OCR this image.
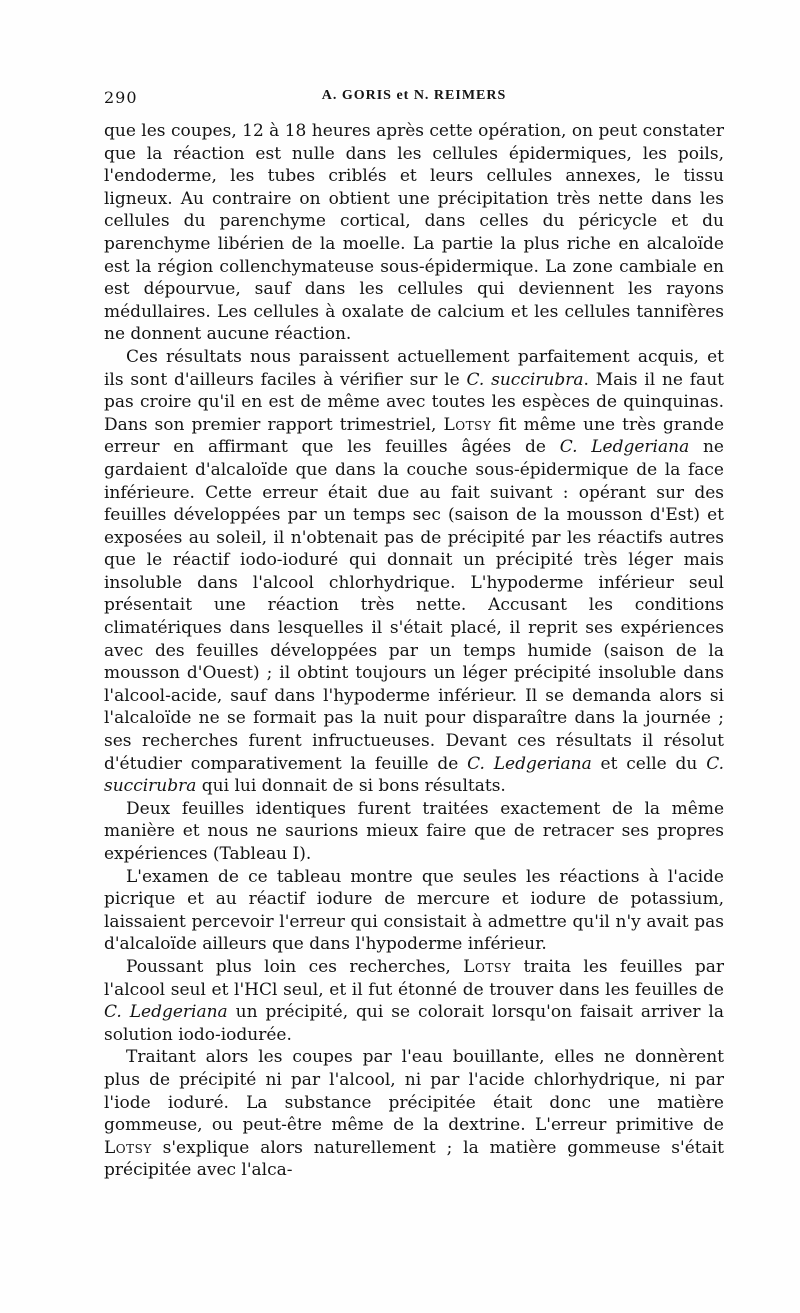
290	A. GORIS et N. REIMERS

que les coupes, 12 à 18 heures après cette opération, on peut constater que la réaction est nulle dans les cellules épidermiques, les poils, l'endoderme, les tubes criblés et leurs cellules annexes, le tissu ligneux. Au contraire on obtient une précipitation très nette dans les cellules du parenchyme cortical, dans celles du péricycle et du parenchyme libérien de la moelle. La partie la plus riche en alcaloïde est la région collenchymateuse sous-épidermique. La zone cambiale en est dépourvue, sauf dans les cellules qui deviennent les rayons médullaires. Les cellules à oxalate de calcium et les cellules tannifères ne donnent aucune réaction.

Ces résultats nous paraissent actuellement parfaitement acquis, et ils sont d'ailleurs faciles à vérifier sur le C. succirubra. Mais il ne faut pas croire qu'il en est de même avec toutes les espèces de quinquinas. Dans son premier rapport trimestriel, Lotsy fit même une très grande erreur en affirmant que les feuilles âgées de C. Ledgeriana ne gardaient d'alcaloïde que dans la couche sous-épidermique de la face inférieure. Cette erreur était due au fait suivant : opérant sur des feuilles développées par un temps sec (saison de la mousson d'Est) et exposées au soleil, il n'obtenait pas de précipité par les réactifs autres que le réactif iodo-ioduré qui donnait un précipité très léger mais insoluble dans l'alcool chlorhydrique. L'hypoderme inférieur seul présentait une réaction très nette. Accusant les conditions climatériques dans lesquelles il s'était placé, il reprit ses expériences avec des feuilles développées par un temps humide (saison de la mousson d'Ouest) ; il obtint toujours un léger précipité insoluble dans l'alcool-acide, sauf dans l'hypoderme inférieur. Il se demanda alors si l'alcaloïde ne se formait pas la nuit pour disparaître dans la journée ; ses recherches furent infructueuses. Devant ces résultats il résolut d'étudier comparativement la feuille de C. Ledgeriana et celle du C. succirubra qui lui donnait de si bons résultats.

Deux feuilles identiques furent traitées exactement de la même manière et nous ne saurions mieux faire que de retracer ses propres expériences (Tableau I).

L'examen de ce tableau montre que seules les réactions à l'acide picrique et au réactif iodure de mercure et iodure de potassium, laissaient percevoir l'erreur qui consistait à admettre qu'il n'y avait pas d'alcaloïde ailleurs que dans l'hypoderme inférieur.

Poussant plus loin ces recherches, Lotsy traita les feuilles par l'alcool seul et l'HCl seul, et il fut étonné de trouver dans les feuilles de C. Ledgeriana un précipité, qui se colorait lorsqu'on faisait arriver la solution iodo-iodurée.

Traitant alors les coupes par l'eau bouillante, elles ne donnèrent plus de précipité ni par l'alcool, ni par l'acide chlorhydrique, ni par l'iode ioduré. La substance précipitée était donc une matière gommeuse, ou peut-être même de la dextrine. L'erreur primitive de Lotsy s'explique alors naturellement ; la matière gommeuse s'était précipitée avec l'alca-
